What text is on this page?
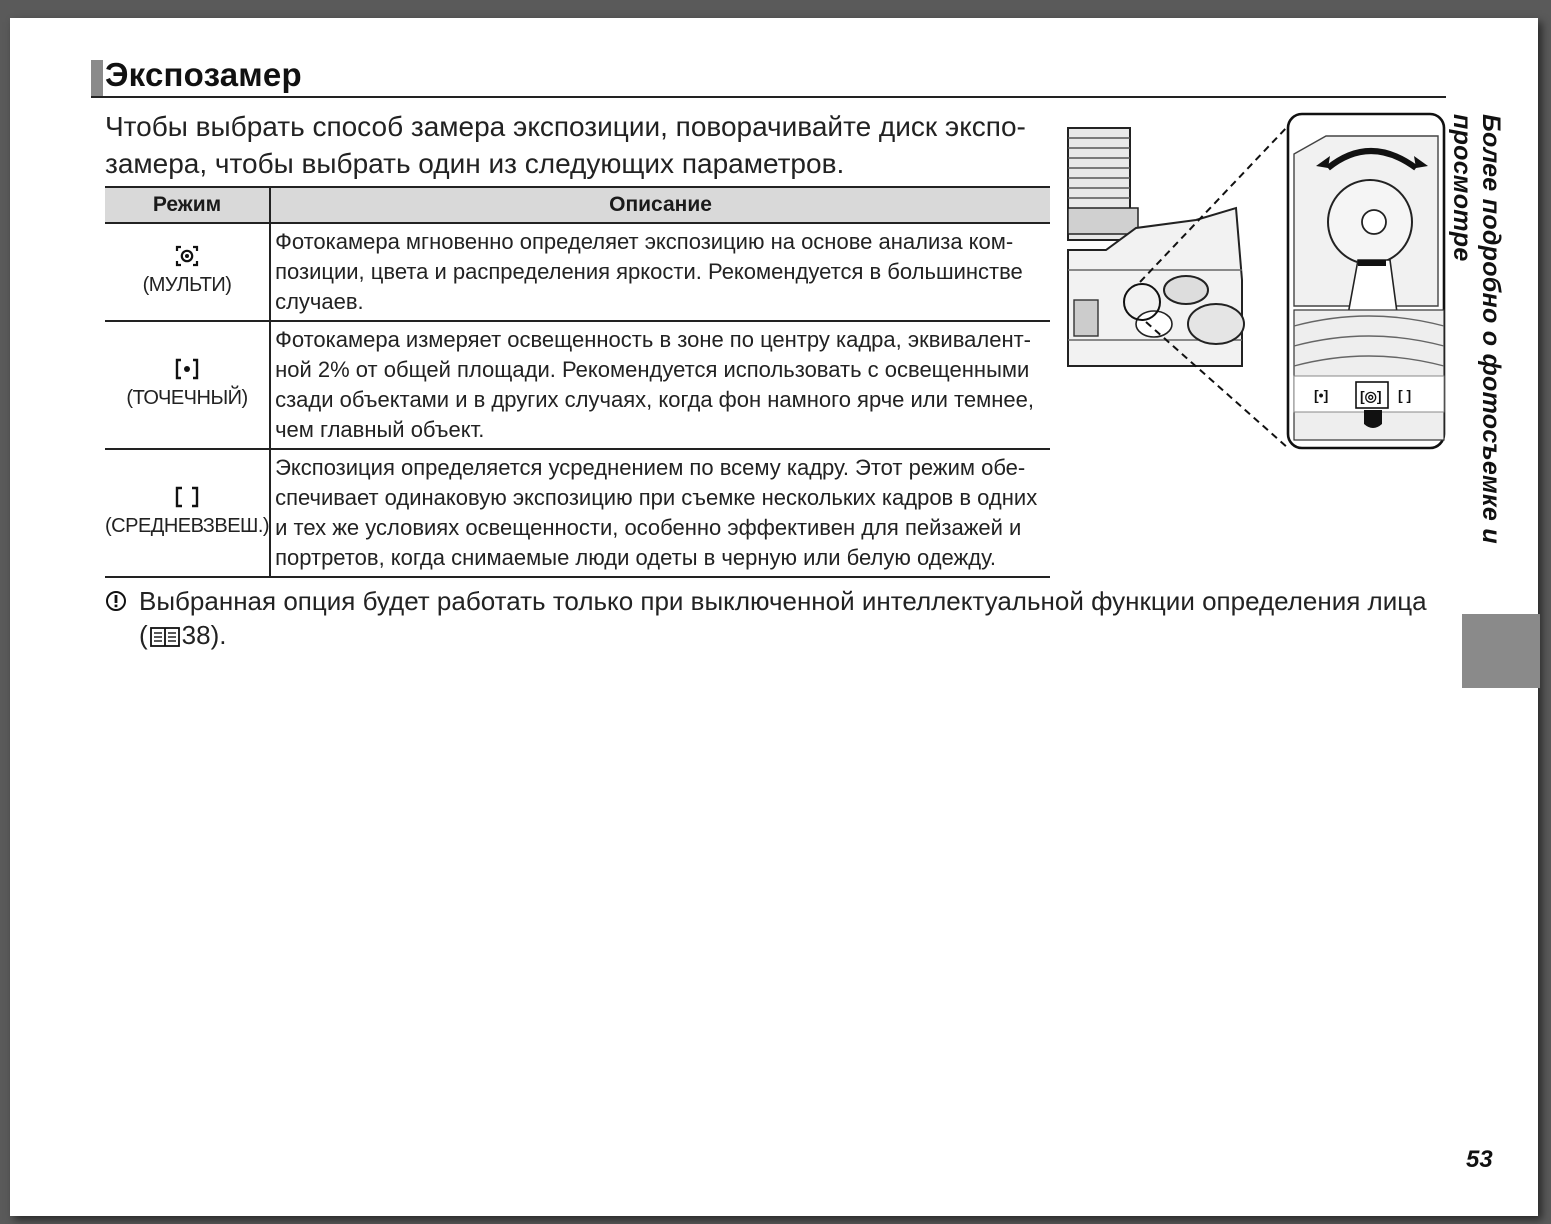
Экспозамер
Чтобы выбрать способ замера экспозиции, поворачивайте диск экспо-замера, чтобы выбрать один из следующих параметров.
Режим	Описание

(МУЛЬТИ)	Фотокамера мгновенно определяет экспозицию на основе анализа ком-позиции, цвета и распределения яркости. Рекомендуется в большинстве случаев.

(ТОЧЕЧНЫЙ)	Фотокамера измеряет освещенность в зоне по центру кадра, эквивалент-ной 2% от общей площади. Рекомендуется использовать с освещенными сзади объектами и в других случаях, когда фон намного ярче или темнее, чем главный объект.

(СРЕДНЕВЗВЕШ.)	Экспозиция определяется усреднением по всему кадру. Этот режим обе-спечивает одинаковую экспозицию при съемке нескольких кадров в одних и тех же условиях освещенности, особенно эффективен для пейзажей и портретов, когда снимаемые люди одеты в черную или белую одежду.
Выбранная опция будет работать только при выключенной интеллектуальной функции определения лица
( 38).
[•] [◎] [ ]	Более подробно о фотосъемке и просмотре
53
